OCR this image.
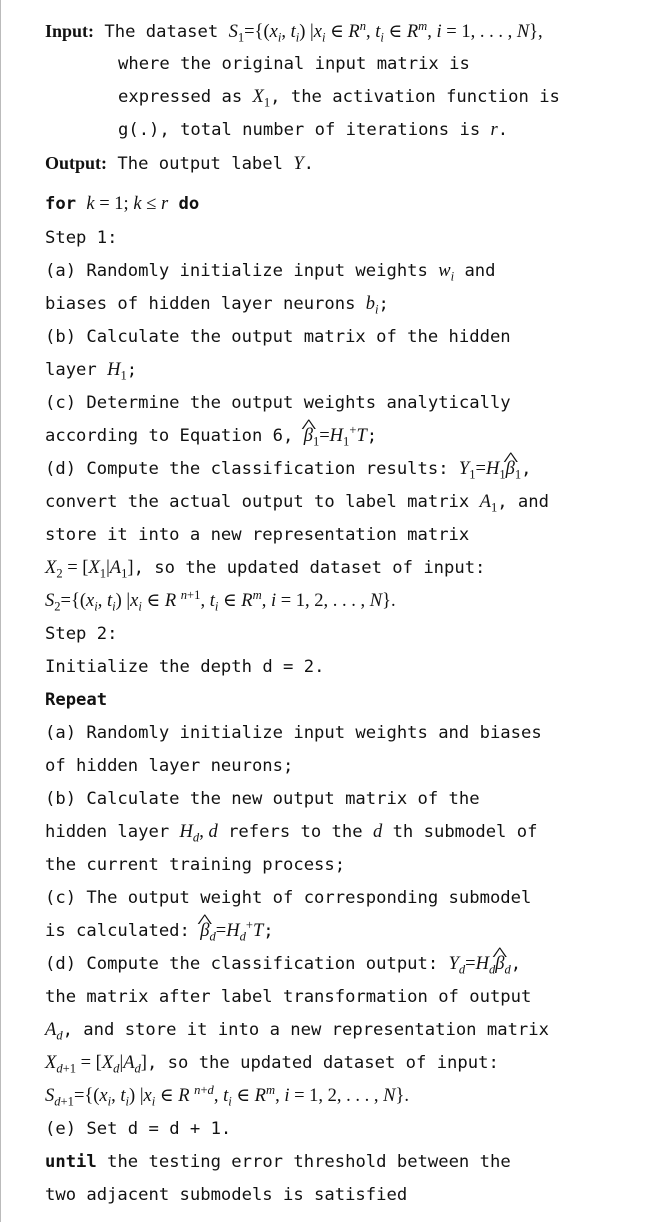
Input: The dataset $S_1=\{(x_i$, $t_i$) $|x_i$ ∈ $R^n$, $t_i$ ∈ $R^m$, i = 1, . . . , N},
where the original input matrix is
expressed as $X_1$, the activation function is
g(.), total number of iterations is r.
Output: The output label Y.
for k = 1; k ≤ r do
Step 1:
(a) Randomly initialize input weights $w_i$ and
biases of hidden layer neurons $b_i$;
(b) Calculate the output matrix of the hidden
layer $H_1$;
(c) Determine the output weights analytically
according to Equation 6, ^ $\beta_1=H_1^+T$;
(d) Compute the classification results: $Y_1=H_1\^{}$ $\beta_1$,
convert the actual output to label matrix $A_1$, and
store it into a new representation matrix
$X_2 = [X_1|A_1]$, so the updated dataset of input:
$S_2=\{(x_i$, $t_i$) $|x_i$ ∈ R $^{n+1}$, $t_i$ ∈ $R^m$, i = 1, 2, . . . , N}.
Step 2:
Initialize the depth d = 2.
Repeat
(a) Randomly initialize input weights and biases
of hidden layer neurons;
(b) Calculate the new output matrix of the
hidden layer $H_d$, d refers to the d th submodel of
the current training process;
(c) The output weight of corresponding submodel
is calculated: ^ $\beta_d=H_d^+T$;
(d) Compute the classification output: $Y_d=H_d\^{}$ $\beta_d$,
the matrix after label transformation of output
$A_d$, and store it into a new representation matrix
$X_{d+1} = [X_d|A_d]$, so the updated dataset of input:
$S_{d+1}=\{(x_i$, $t_i$) $|x_i$ ∈ R $^{n+d}$, $t_i$ ∈ $R^m$, i = 1, 2, . . . , N}.
(e) Set d = d + 1.
until the testing error threshold between the
two adjacent submodels is satisfied
